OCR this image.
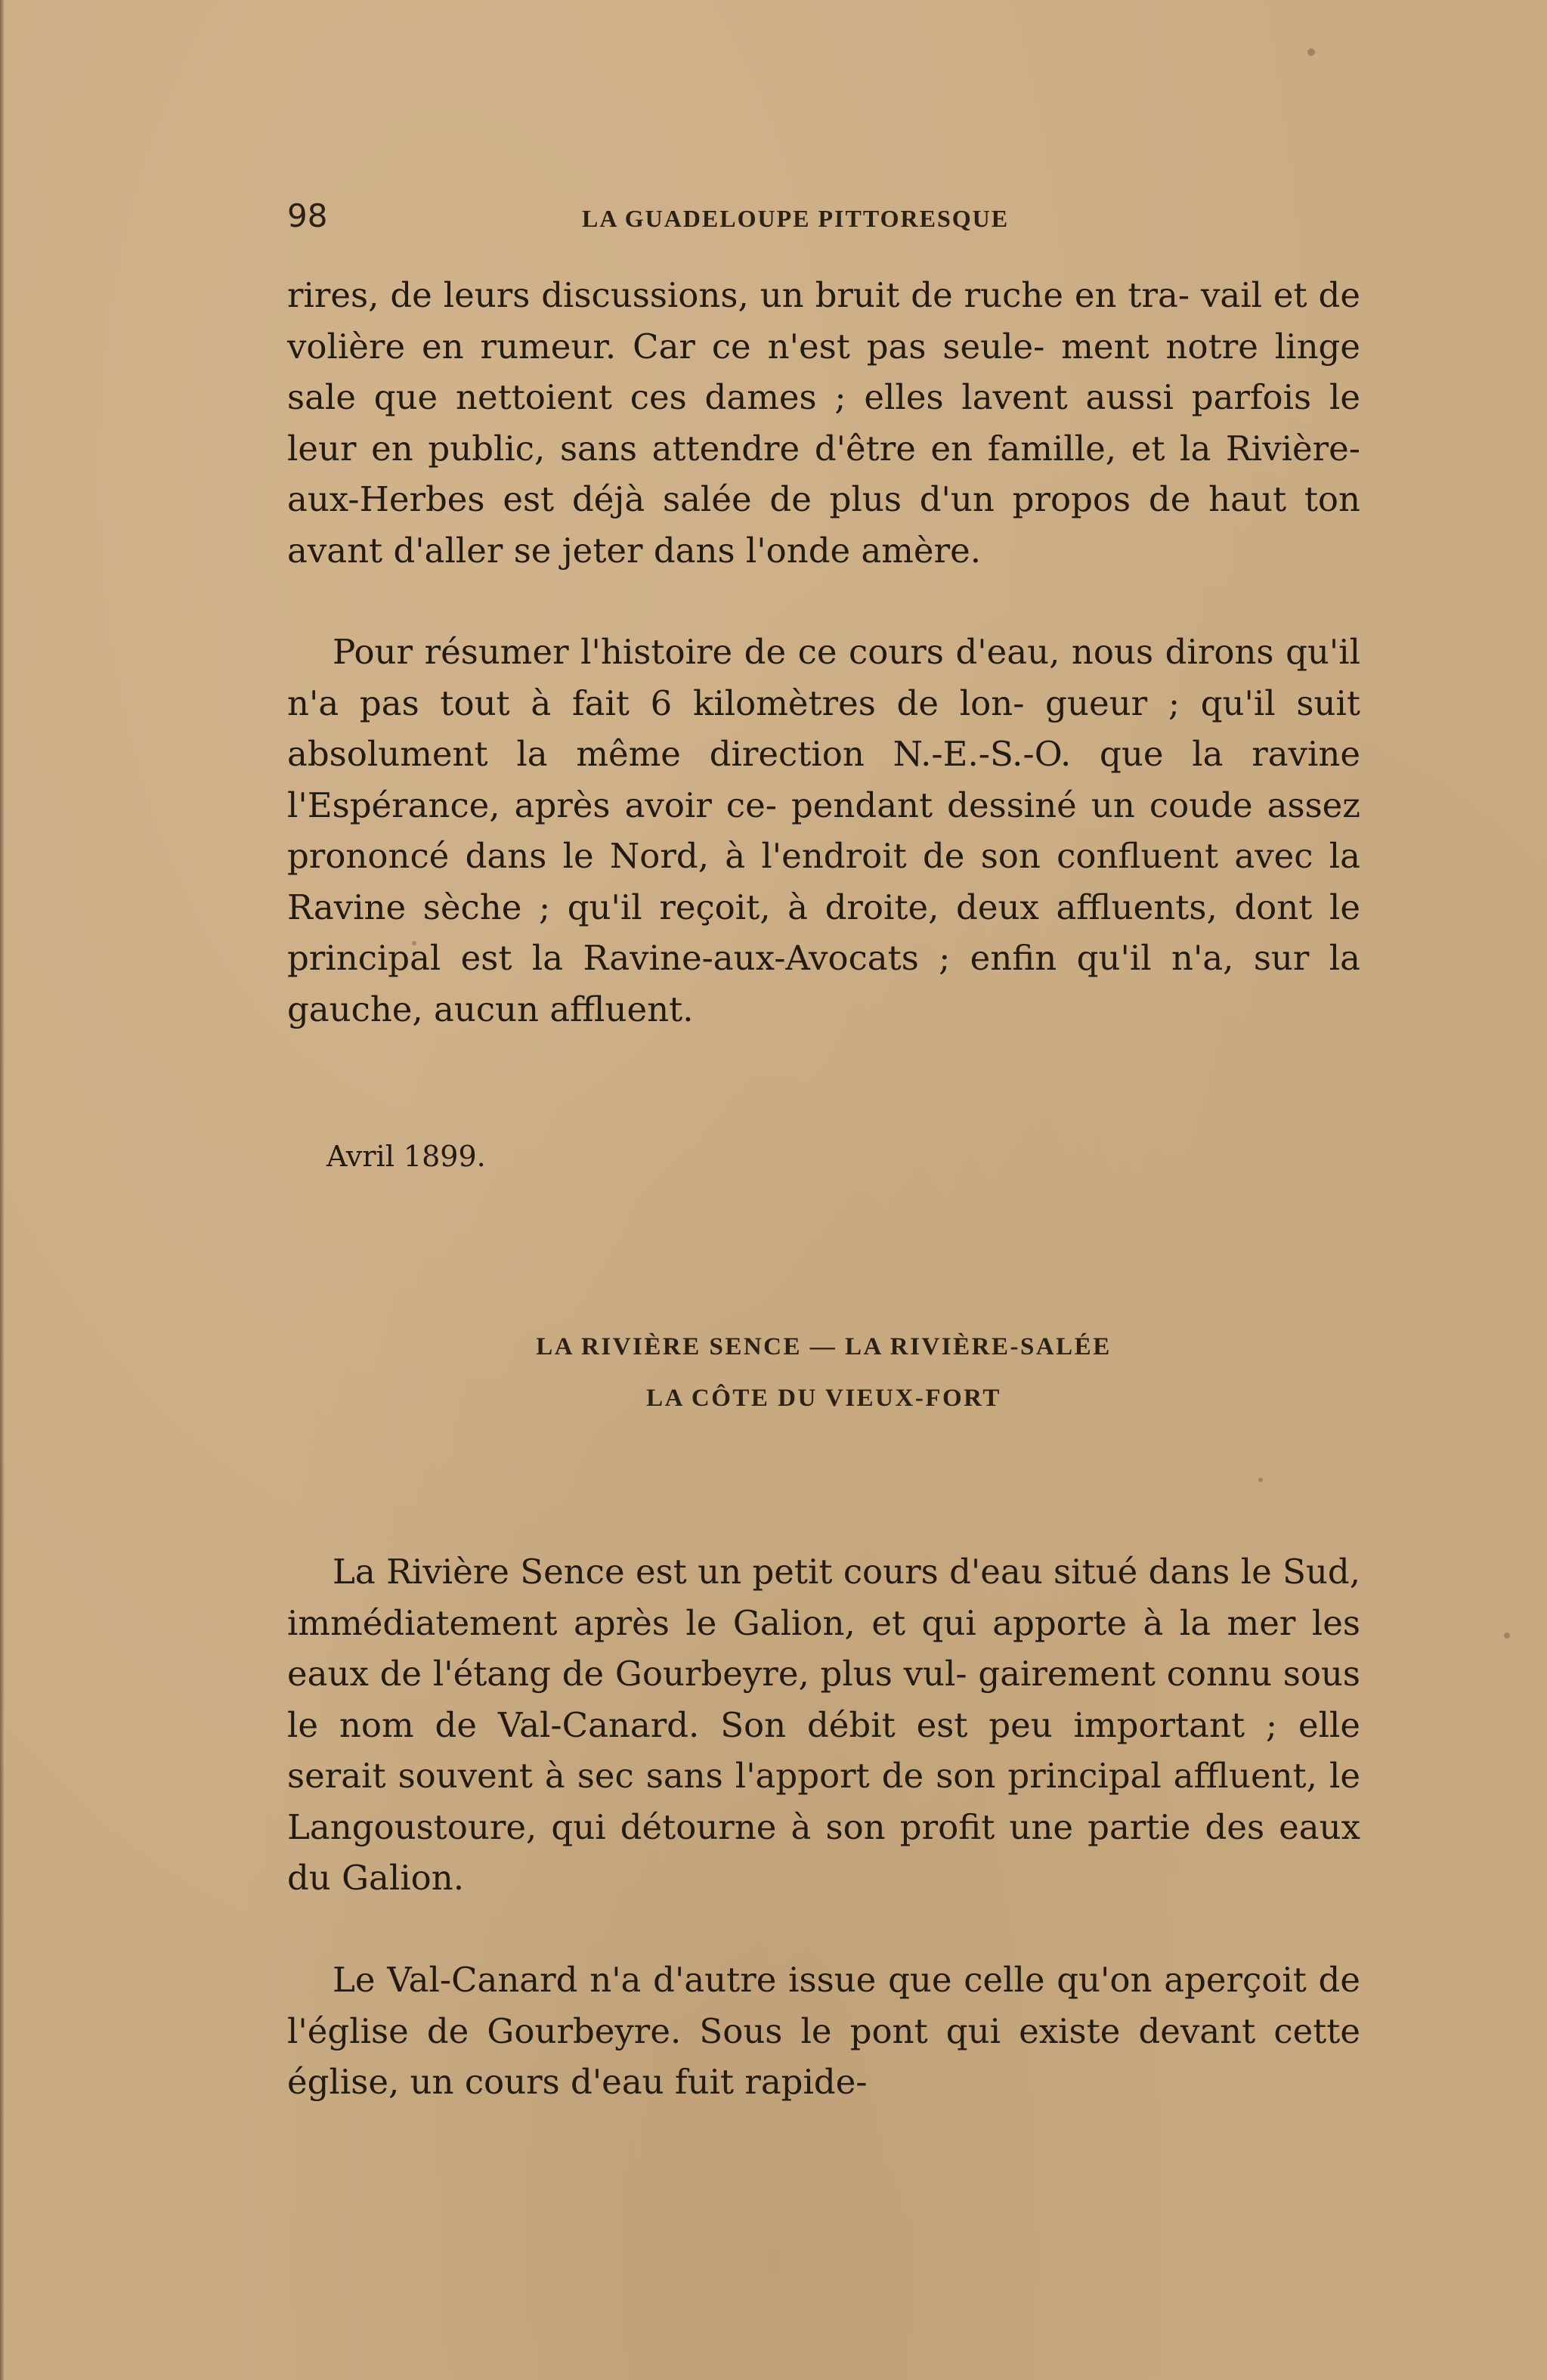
98	LA GUADELOUPE PITTORESQUE

rires, de leurs discussions, un bruit de ruche en tra- vail et de volière en rumeur. Car ce n'est pas seule- ment notre linge sale que nettoient ces dames ; elles lavent aussi parfois le leur en public, sans attendre d'être en famille, et la Rivière-aux-Herbes est déjà salée de plus d'un propos de haut ton avant d'aller se jeter dans l'onde amère.

Pour résumer l'histoire de ce cours d'eau, nous dirons qu'il n'a pas tout à fait 6 kilomètres de lon- gueur ; qu'il suit absolument la même direction N.-E.-S.-O. que la ravine l'Espérance, après avoir ce- pendant dessiné un coude assez prononcé dans le Nord, à l'endroit de son confluent avec la Ravine sèche ; qu'il reçoit, à droite, deux affluents, dont le principal est la Ravine-aux-Avocats ; enfin qu'il n'a, sur la gauche, aucun affluent.

Avril 1899.
LA RIVIÈRE SENCE — LA RIVIÈRE-SALÉE
LA CÔTE DU VIEUX-FORT

La Rivière Sence est un petit cours d'eau situé dans le Sud, immédiatement après le Galion, et qui apporte à la mer les eaux de l'étang de Gourbeyre, plus vul- gairement connu sous le nom de Val-Canard. Son débit est peu important ; elle serait souvent à sec sans l'apport de son principal affluent, le Langoustoure, qui détourne à son profit une partie des eaux du Galion.

Le Val-Canard n'a d'autre issue que celle qu'on aperçoit de l'église de Gourbeyre. Sous le pont qui existe devant cette église, un cours d'eau fuit rapide-
